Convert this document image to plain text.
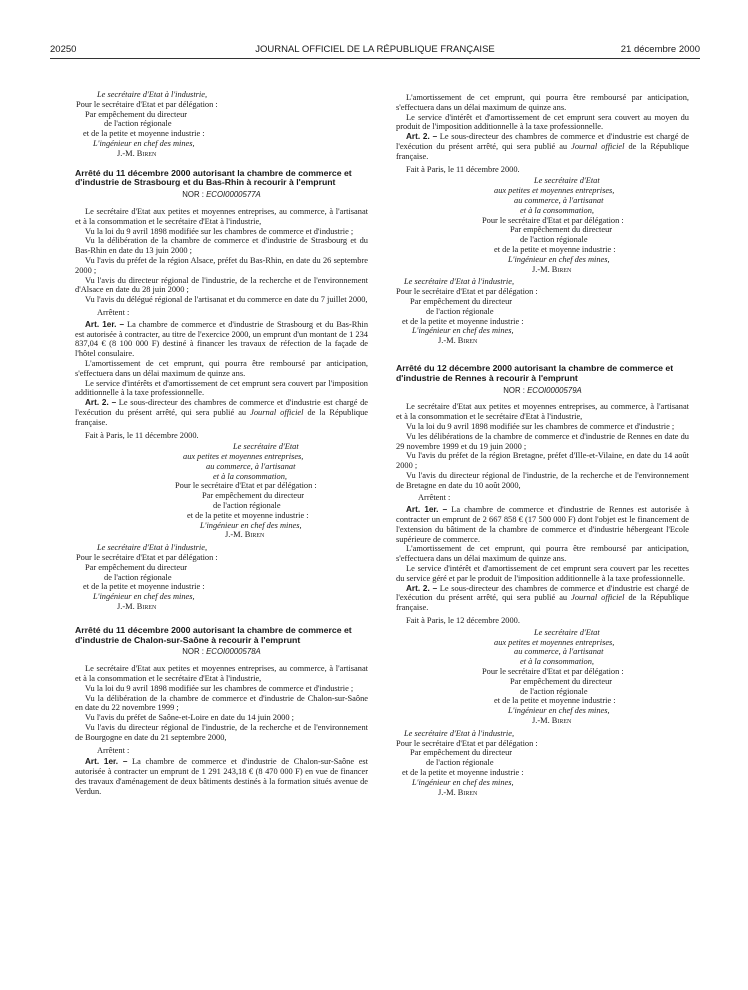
20250	JOURNAL OFFICIEL DE LA RÉPUBLIQUE FRANÇAISE	21 décembre 2000
Le secrétaire d'Etat à l'industrie,
Pour le secrétaire d'Etat et par délégation :
Par empêchement du directeur
de l'action régionale
et de la petite et moyenne industrie :
L'ingénieur en chef des mines,
J.-M. Biren
Arrêté du 11 décembre 2000 autorisant la chambre de commerce et d'industrie de Strasbourg et du Bas-Rhin à recourir à l'emprunt
NOR : ECOI0000577A

Le secrétaire d'Etat aux petites et moyennes entreprises, au commerce, à l'artisanat et à la consommation et le secrétaire d'Etat à l'industrie,

Vu la loi du 9 avril 1898 modifiée sur les chambres de commerce et d'industrie ;

Vu la délibération de la chambre de commerce et d'industrie de Strasbourg et du Bas-Rhin en date du 13 juin 2000 ;

Vu l'avis du préfet de la région Alsace, préfet du Bas-Rhin, en date du 26 septembre 2000 ;

Vu l'avis du directeur régional de l'industrie, de la recherche et de l'environnement d'Alsace en date du 28 juin 2000 ;

Vu l'avis du délégué régional de l'artisanat et du commerce en date du 7 juillet 2000,

Arrêtent :

Art. 1er. – La chambre de commerce et d'industrie de Strasbourg et du Bas-Rhin est autorisée à contracter, au titre de l'exercice 2000, un emprunt d'un montant de 1 234 837,04 € (8 100 000 F) destiné à financer les travaux de réfection de la façade de l'hôtel consulaire.

L'amortissement de cet emprunt, qui pourra être remboursé par anticipation, s'effectuera dans un délai maximum de quinze ans.

Le service d'intérêts et d'amortissement de cet emprunt sera couvert par l'imposition additionnelle à la taxe professionnelle.

Art. 2. – Le sous-directeur des chambres de commerce et d'industrie est chargé de l'exécution du présent arrêté, qui sera publié au Journal officiel de la République française.

Fait à Paris, le 11 décembre 2000.

Le secrétaire d'Etat
aux petites et moyennes entreprises,
au commerce, à l'artisanat
et à la consommation,
Pour le secrétaire d'Etat et par délégation :
Par empêchement du directeur
de l'action régionale
et de la petite et moyenne industrie :
L'ingénieur en chef des mines,
J.-M. Biren
Le secrétaire d'Etat à l'industrie,
Pour le secrétaire d'Etat et par délégation :
Par empêchement du directeur
de l'action régionale
et de la petite et moyenne industrie :
L'ingénieur en chef des mines,
J.-M. Biren
Arrêté du 11 décembre 2000 autorisant la chambre de commerce et d'industrie de Chalon-sur-Saône à recourir à l'emprunt
NOR : ECOI0000578A

Le secrétaire d'Etat aux petites et moyennes entreprises, au commerce, à l'artisanat et à la consommation et le secrétaire d'Etat à l'industrie,

Vu la loi du 9 avril 1898 modifiée sur les chambres de commerce et d'industrie ;

Vu la délibération de la chambre de commerce et d'industrie de Chalon-sur-Saône en date du 22 novembre 1999 ;

Vu l'avis du préfet de Saône-et-Loire en date du 14 juin 2000 ;

Vu l'avis du directeur régional de l'industrie, de la recherche et de l'environnement de Bourgogne en date du 21 septembre 2000,

Arrêtent :

Art. 1er. – La chambre de commerce et d'industrie de Chalon-sur-Saône est autorisée à contracter un emprunt de 1 291 243,18 € (8 470 000 F) en vue de financer des travaux d'aménagement de deux bâtiments destinés à la formation situés avenue de Verdun.

L'amortissement de cet emprunt, qui pourra être remboursé par anticipation, s'effectuera dans un délai maximum de quinze ans.

Le service d'intérêt et d'amortissement de cet emprunt sera couvert au moyen du produit de l'imposition additionnelle à la taxe professionnelle.

Art. 2. – Le sous-directeur des chambres de commerce et d'industrie est chargé de l'exécution du présent arrêté, qui sera publié au Journal officiel de la République française.

Fait à Paris, le 11 décembre 2000.

Le secrétaire d'Etat
aux petites et moyennes entreprises,
au commerce, à l'artisanat
et à la consommation,
Pour le secrétaire d'Etat et par délégation :
Par empêchement du directeur
de l'action régionale
et de la petite et moyenne industrie :
L'ingénieur en chef des mines,
J.-M. Biren
Le secrétaire d'Etat à l'industrie,
Pour le secrétaire d'Etat et par délégation :
Par empêchement du directeur
de l'action régionale
et de la petite et moyenne industrie :
L'ingénieur en chef des mines,
J.-M. Biren
Arrêté du 12 décembre 2000 autorisant la chambre de commerce et d'industrie de Rennes à recourir à l'emprunt
NOR : ECOI0000579A

Le secrétaire d'Etat aux petites et moyennes entreprises, au commerce, à l'artisanat et à la consommation et le secrétaire d'Etat à l'industrie,

Vu la loi du 9 avril 1898 modifiée sur les chambres de commerce et d'industrie ;

Vu les délibérations de la chambre de commerce et d'industrie de Rennes en date du 29 novembre 1999 et du 19 juin 2000 ;

Vu l'avis du préfet de la région Bretagne, préfet d'Ille-et-Vilaine, en date du 14 août 2000 ;

Vu l'avis du directeur régional de l'industrie, de la recherche et de l'environnement de Bretagne en date du 10 août 2000,

Arrêtent :

Art. 1er. – La chambre de commerce et d'industrie de Rennes est autorisée à contracter un emprunt de 2 667 858 € (17 500 000 F) dont l'objet est le financement de l'extension du bâtiment de la chambre de commerce et d'industrie hébergeant l'Ecole supérieure de commerce.

L'amortissement de cet emprunt, qui pourra être remboursé par anticipation, s'effectuera dans un délai maximum de quinze ans.

Le service d'intérêt et d'amortissement de cet emprunt sera couvert par les recettes du service géré et par le produit de l'imposition additionnelle à la taxe professionnelle.

Art. 2. – Le sous-directeur des chambres de commerce et d'industrie est chargé de l'exécution du présent arrêté, qui sera publié au Journal officiel de la République française.

Fait à Paris, le 12 décembre 2000.

Le secrétaire d'Etat
aux petites et moyennes entreprises,
au commerce, à l'artisanat
et à la consommation,
Pour le secrétaire d'Etat et par délégation :
Par empêchement du directeur
de l'action régionale
et de la petite et moyenne industrie :
L'ingénieur en chef des mines,
J.-M. Biren
Le secrétaire d'Etat à l'industrie,
Pour le secrétaire d'Etat et par délégation :
Par empêchement du directeur
de l'action régionale
et de la petite et moyenne industrie :
L'ingénieur en chef des mines,
J.-M. Biren
